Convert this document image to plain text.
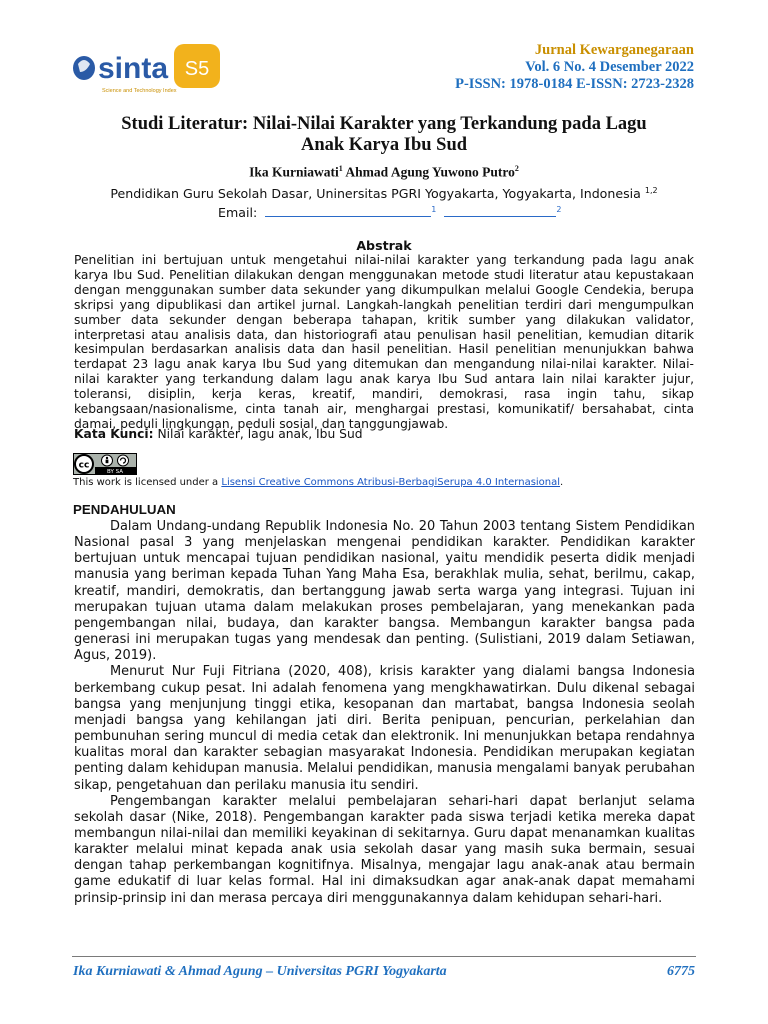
sinta S5
Science and Technology Index
Jurnal Kewarganegaraan
Vol. 6 No. 4 Desember 2022
P-ISSN: 1978-0184 E-ISSN: 2723-2328
Studi Literatur: Nilai-Nilai Karakter yang Terkandung pada Lagu
Anak Karya Ibu Sud
Ika Kurniawati$^1$ Ahmad Agung Yuwono Putro$^2$
Pendidikan Guru Sekolah Dasar, Uninersitas PGRI Yogyakarta, Yogyakarta, Indonesia $^{1,2}$
Email:	$^1$	$^2$
Abstrak

Penelitian ini bertujuan untuk mengetahui nilai-nilai karakter yang terkandung pada lagu anak karya Ibu Sud. Penelitian dilakukan dengan menggunakan metode studi literatur atau kepustakaan dengan menggunakan sumber data sekunder yang dikumpulkan melalui Google Cendekia, berupa skripsi yang dipublikasi dan artikel jurnal. Langkah-langkah penelitian terdiri dari mengumpulkan sumber data sekunder dengan beberapa tahapan, kritik sumber yang dilakukan validator, interpretasi atau analisis data, dan historiografi atau penulisan hasil penelitian, kemudian ditarik kesimpulan berdasarkan analisis data dan hasil penelitian. Hasil penelitian menunjukkan bahwa terdapat 23 lagu anak karya Ibu Sud yang ditemukan dan mengandung nilai-nilai karakter. Nilai-nilai karakter yang terkandung dalam lagu anak karya Ibu Sud antara lain nilai karakter jujur, toleransi, disiplin, kerja keras, kreatif, mandiri, demokrasi, rasa ingin tahu, sikap kebangsaan/nasionalisme, cinta tanah air, menghargai prestasi, komunikatif/ bersahabat, cinta damai, peduli lingkungan, peduli sosial, dan tanggungjawab.

Kata Kunci: Nilai karakter, lagu anak, Ibu Sud
cc
BY SA
This work is licensed under a Lisensi Creative Commons Atribusi-BerbagiSerupa 4.0 Internasional.
PENDAHULUAN

Dalam Undang-undang Republik Indonesia No. 20 Tahun 2003 tentang Sistem Pendidikan Nasional pasal 3 yang menjelaskan mengenai pendidikan karakter. Pendidikan karakter bertujuan untuk mencapai tujuan pendidikan nasional, yaitu mendidik peserta didik menjadi manusia yang beriman kepada Tuhan Yang Maha Esa, berakhlak mulia, sehat, berilmu, cakap, kreatif, mandiri, demokratis, dan bertanggung jawab serta warga yang integrasi. Tujuan ini merupakan tujuan utama dalam melakukan proses pembelajaran, yang menekankan pada pengembangan nilai, budaya, dan karakter bangsa. Membangun karakter bangsa pada generasi ini merupakan tugas yang mendesak dan penting. (Sulistiani, 2019 dalam Setiawan, Agus, 2019).

Menurut Nur Fuji Fitriana (2020, 408), krisis karakter yang dialami bangsa Indonesia berkembang cukup pesat. Ini adalah fenomena yang mengkhawatirkan. Dulu dikenal sebagai bangsa yang menjunjung tinggi etika, kesopanan dan martabat, bangsa Indonesia seolah menjadi bangsa yang kehilangan jati diri. Berita penipuan, pencurian, perkelahian dan pembunuhan sering muncul di media cetak dan elektronik. Ini menunjukkan betapa rendahnya kualitas moral dan karakter sebagian masyarakat Indonesia. Pendidikan merupakan kegiatan penting dalam kehidupan manusia. Melalui pendidikan, manusia mengalami banyak perubahan sikap, pengetahuan dan perilaku manusia itu sendiri.

Pengembangan karakter melalui pembelajaran sehari-hari dapat berlanjut selama sekolah dasar (Nike, 2018). Pengembangan karakter pada siswa terjadi ketika mereka dapat membangun nilai-nilai dan memiliki keyakinan di sekitarnya. Guru dapat menanamkan kualitas karakter melalui minat kepada anak usia sekolah dasar yang masih suka bermain, sesuai dengan tahap perkembangan kognitifnya. Misalnya, mengajar lagu anak-anak atau bermain game edukatif di luar kelas formal. Hal ini dimaksudkan agar anak-anak dapat memahami prinsip-prinsip ini dan merasa percaya diri menggunakannya dalam kehidupan sehari-hari.

Ika Kurniawati & Ahmad Agung – Universitas PGRI Yogyakarta	6775
